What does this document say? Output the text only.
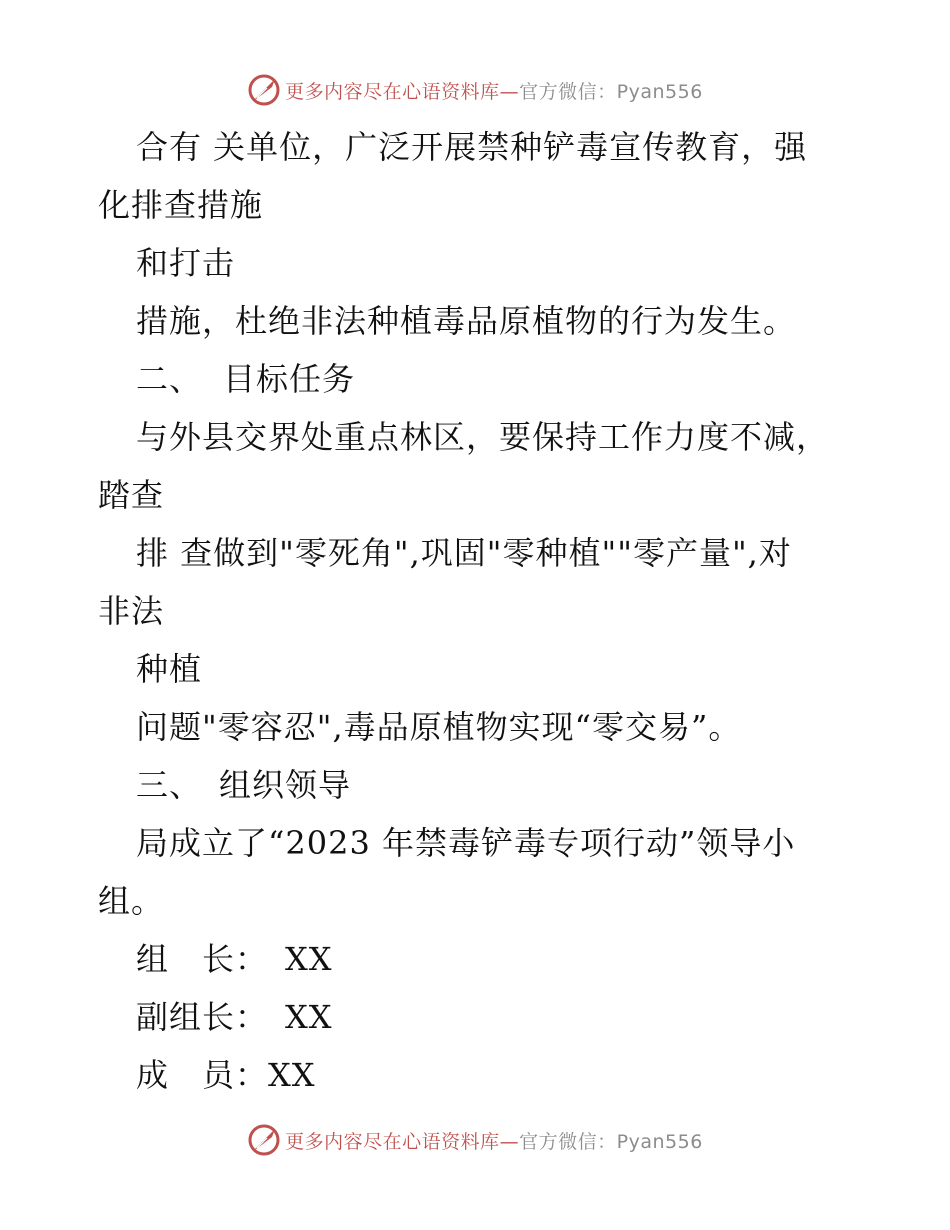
更多内容尽在心语资料库—官方微信：Pyan556
合有 关单位，广泛开展禁种铲毒宣传教育，强
化排查措施
和打击
措施，杜绝非法种植毒品原植物的行为发生。
二、 目标任务
与外县交界处重点林区，要保持工作力度不减，
踏查
排 查做到"零死角",巩固"零种植""零产量",对
非法
种植
问题"零容忍",毒品原植物实现“零交易”。
三、 组织领导
局成立了“2023 年禁毒铲毒专项行动”领导小
组。
组　长：　XX
副组长：　XX
成　员：XX
更多内容尽在心语资料库—官方微信：Pyan556
